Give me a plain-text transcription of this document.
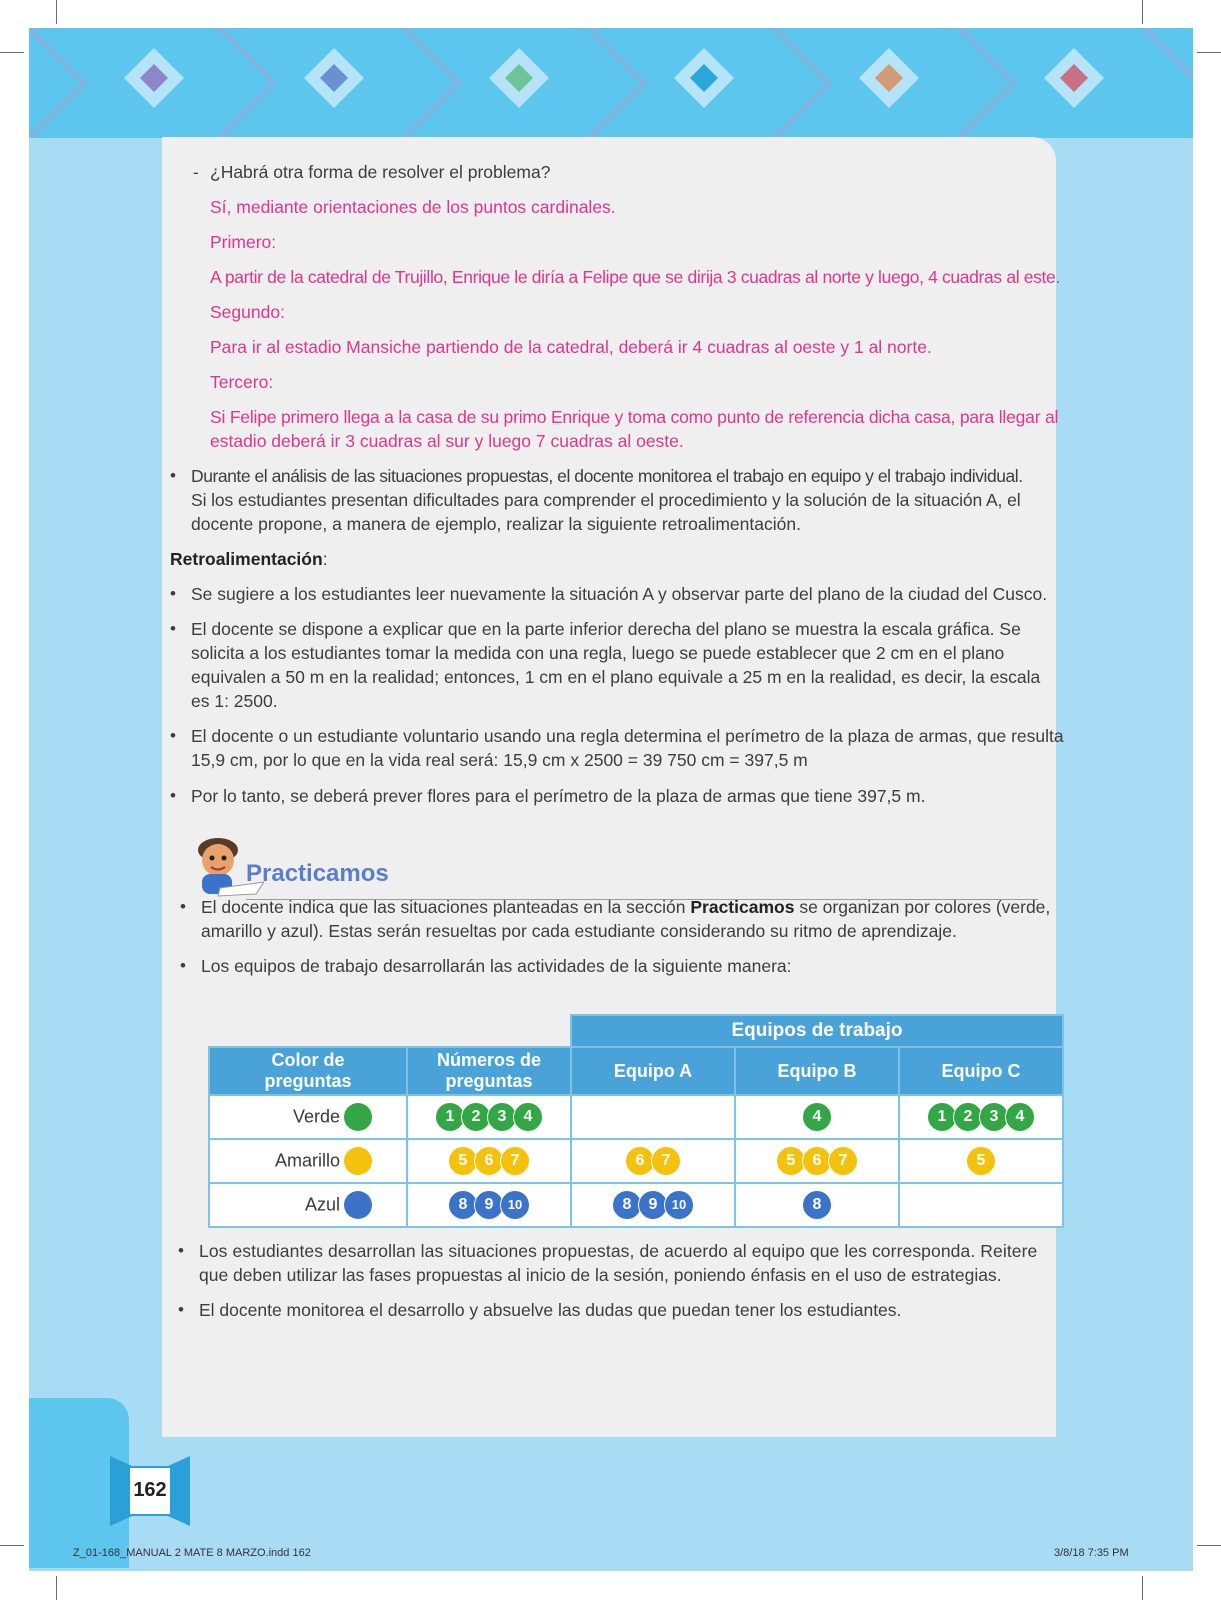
- ¿Habrá otra forma de resolver el problema?
Sí, mediante orientaciones de los puntos cardinales.
Primero:
A partir de la catedral de Trujillo, Enrique le diría a Felipe que se dirija 3 cuadras al norte y luego, 4 cuadras al este.
Segundo:
Para ir al estadio Mansiche partiendo de la catedral, deberá ir 4 cuadras al oeste y 1 al norte.
Tercero:
Si Felipe primero llega a la casa de su primo Enrique y toma como punto de referencia dicha casa, para llegar al
estadio deberá ir 3 cuadras al sur y luego 7 cuadras al oeste.
• Durante el análisis de las situaciones propuestas, el docente monitorea el trabajo en equipo y el trabajo individual.
Si los estudiantes presentan dificultades para comprender el procedimiento y la solución de la situación A, el
docente propone, a manera de ejemplo, realizar la siguiente retroalimentación.
Retroalimentación:
• Se sugiere a los estudiantes leer nuevamente la situación A y observar parte del plano de la ciudad del Cusco.
• El docente se dispone a explicar que en la parte inferior derecha del plano se muestra la escala gráfica. Se
solicita a los estudiantes tomar la medida con una regla, luego se puede establecer que 2 cm en el plano
equivalen a 50 m en la realidad; entonces, 1 cm en el plano equivale a 25 m en la realidad, es decir, la escala
es 1: 2500.
• El docente o un estudiante voluntario usando una regla determina el perímetro de la plaza de armas, que resulta
15,9 cm, por lo que en la vida real será: 15,9 cm x 2500 = 39 750 cm = 397,5 m
• Por lo tanto, se deberá prever flores para el perímetro de la plaza de armas que tiene 397,5 m.
Practicamos
• El docente indica que las situaciones planteadas en la sección Practicamos se organizan por colores (verde,
amarillo y azul). Estas serán resueltas por cada estudiante considerando su ritmo de aprendizaje.
• Los equipos de trabajo desarrollarán las actividades de la siguiente manera:
		Equipos de trabajo		
Color de
preguntas	Números de
preguntas	Equipo A	Equipo B	Equipo C
Verde	1 2 3 4		4	1 2 3 4
Amarillo	5 6 7	6 7	5 6 7	5
Azul	8 9 10	8 9 10	8	
• Los estudiantes desarrollan las situaciones propuestas, de acuerdo al equipo que les corresponda. Reitere
que deben utilizar las fases propuestas al inicio de la sesión, poniendo énfasis en el uso de estrategias.
• El docente monitorea el desarrollo y absuelve las dudas que puedan tener los estudiantes.
162
Z_01-168_MANUAL 2 MATE 8 MARZO.indd 162	3/8/18 7:35 PM
